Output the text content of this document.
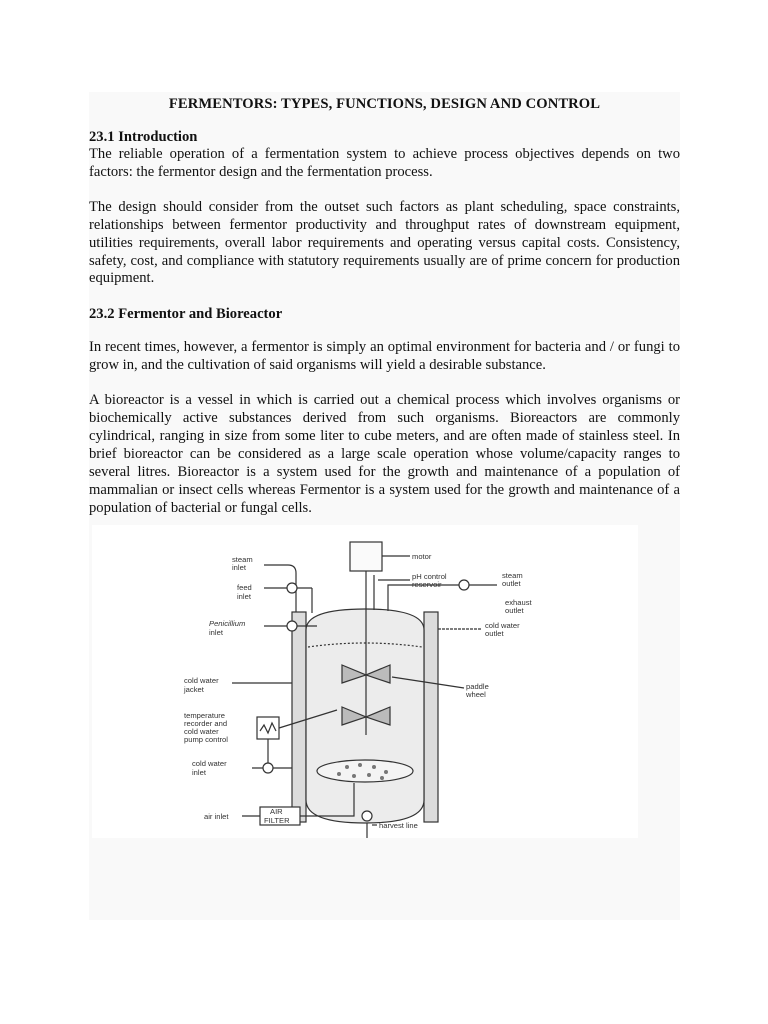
FERMENTORS: TYPES, FUNCTIONS, DESIGN AND CONTROL
23.1 Introduction

The reliable operation of a fermentation system to achieve process objectives depends on two factors: the fermentor design and the fermentation process.

The design should consider from the outset such factors as plant scheduling, space constraints, relationships between fermentor productivity and throughput rates of downstream equipment, utilities requirements, overall labor requirements and operating versus capital costs. Consistency, safety, cost, and compliance with statutory requirements usually are of prime concern for production equipment.

23.2 Fermentor and Bioreactor

In recent times, however, a fermentor is simply an optimal environment for bacteria and / or fungi to grow in, and the cultivation of said organisms will yield a desirable substance.

A bioreactor is a vessel in which is carried out a chemical process which involves organisms or biochemically active substances derived from such organisms. Bioreactors are commonly cylindrical, ranging in size from some liter to cube meters, and are often made of stainless steel. In brief bioreactor can be considered as a large scale operation whose volume/capacity ranges to several litres. Bioreactor is a system used for the growth and maintenance of a population of mammalian or insect cells whereas Fermentor is a system used for the growth and maintenance of a population of bacterial or fungal cells.

steam
inlet
feed
inlet
Penicillium
inlet
motor
pH control
reservoir
steam
outlet
exhaust
outlet
cold water
outlet
cold water
jacket	paddle
wheel
temperature
recorder and
cold water
pump control
cold water
inlet
air inlet
AIR
FILTER
harvest line
